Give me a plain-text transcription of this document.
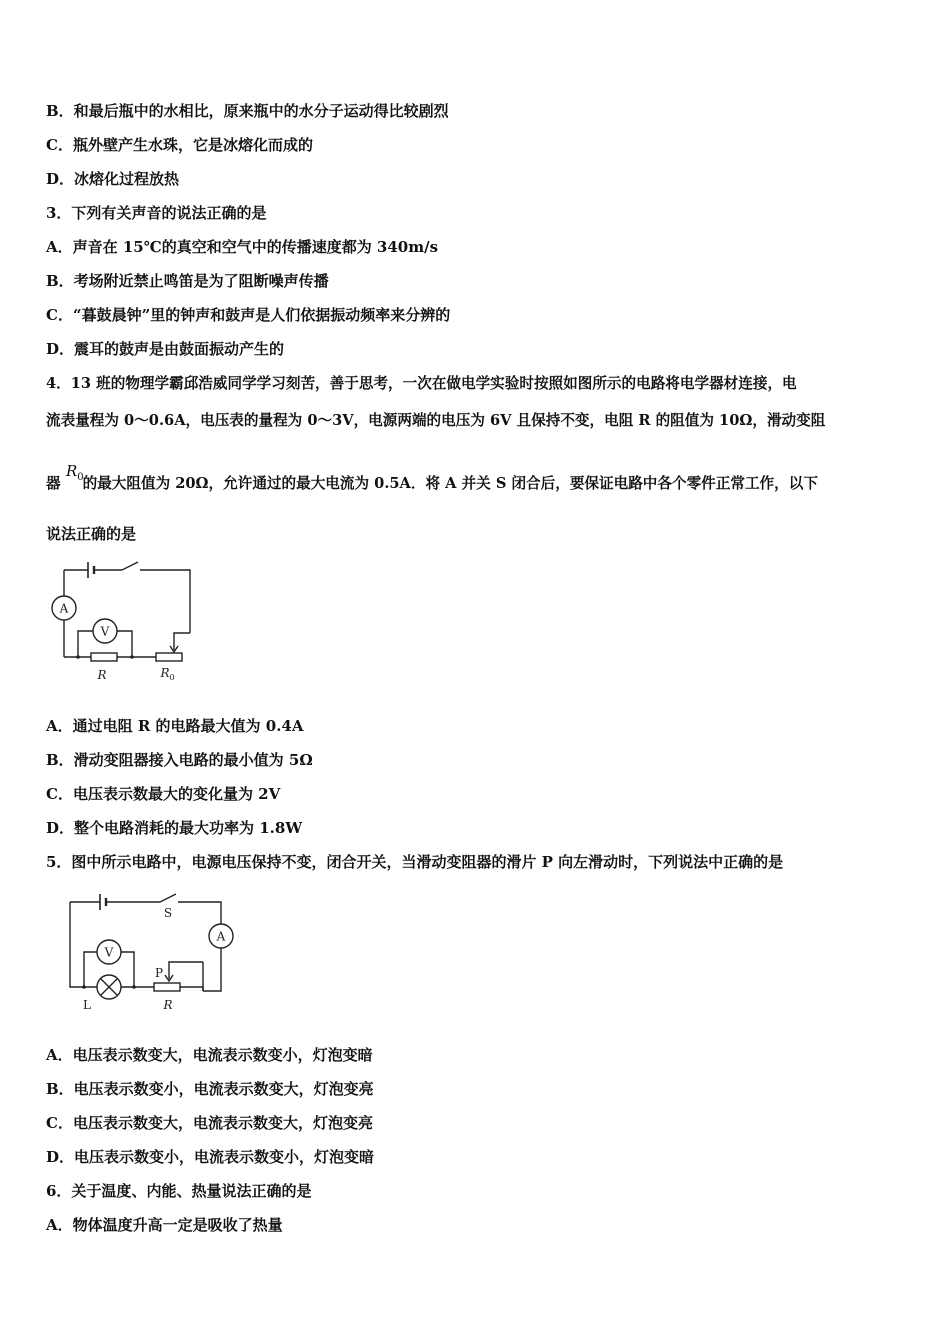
B．和最后瓶中的水相比，原来瓶中的水分子运动得比较剧烈
C．瓶外壁产生水珠，它是冰熔化而成的
D．冰熔化过程放热
3．下列有关声音的说法正确的是
A．声音在 15℃的真空和空气中的传播速度都为 340m/s
B．考场附近禁止鸣笛是为了阻断噪声传播
C．“暮鼓晨钟”里的钟声和鼓声是人们依据振动频率来分辨的
D．震耳的鼓声是由鼓面振动产生的
4．13 班的物理学霸邱浩威同学学习刻苦，善于思考，一次在做电学实验时按照如图所示的电路将电学器材连接，电
流表量程为 0～0.6A，电压表的量程为 0～3V，电源两端的电压为 6V 且保持不变，电阻 R 的阻值为 10Ω，滑动变阻
器 的最大阻值为 20Ω，允许通过的最大电流为 0.5A．将 A 并关 S 闭合后，要保证电路中各个零件正常工作，以下
$R_0$
说法正确的是
A
V
R	R 0
A．通过电阻 R 的电路最大值为 0.4A
B．滑动变阻器接入电路的最小值为 5Ω
C．电压表示数最大的变化量为 2V
D．整个电路消耗的最大功率为 1.8W
5．图中所示电路中，电源电压保持不变，闭合开关，当滑动变阻器的滑片 P 向左滑动时，下列说法中正确的是
S
A
V
L
P
R
A．电压表示数变大，电流表示数变小，灯泡变暗
B．电压表示数变小，电流表示数变大，灯泡变亮
C．电压表示数变大，电流表示数变大，灯泡变亮
D．电压表示数变小，电流表示数变小，灯泡变暗
6．关于温度、内能、热量说法正确的是
A．物体温度升高一定是吸收了热量
